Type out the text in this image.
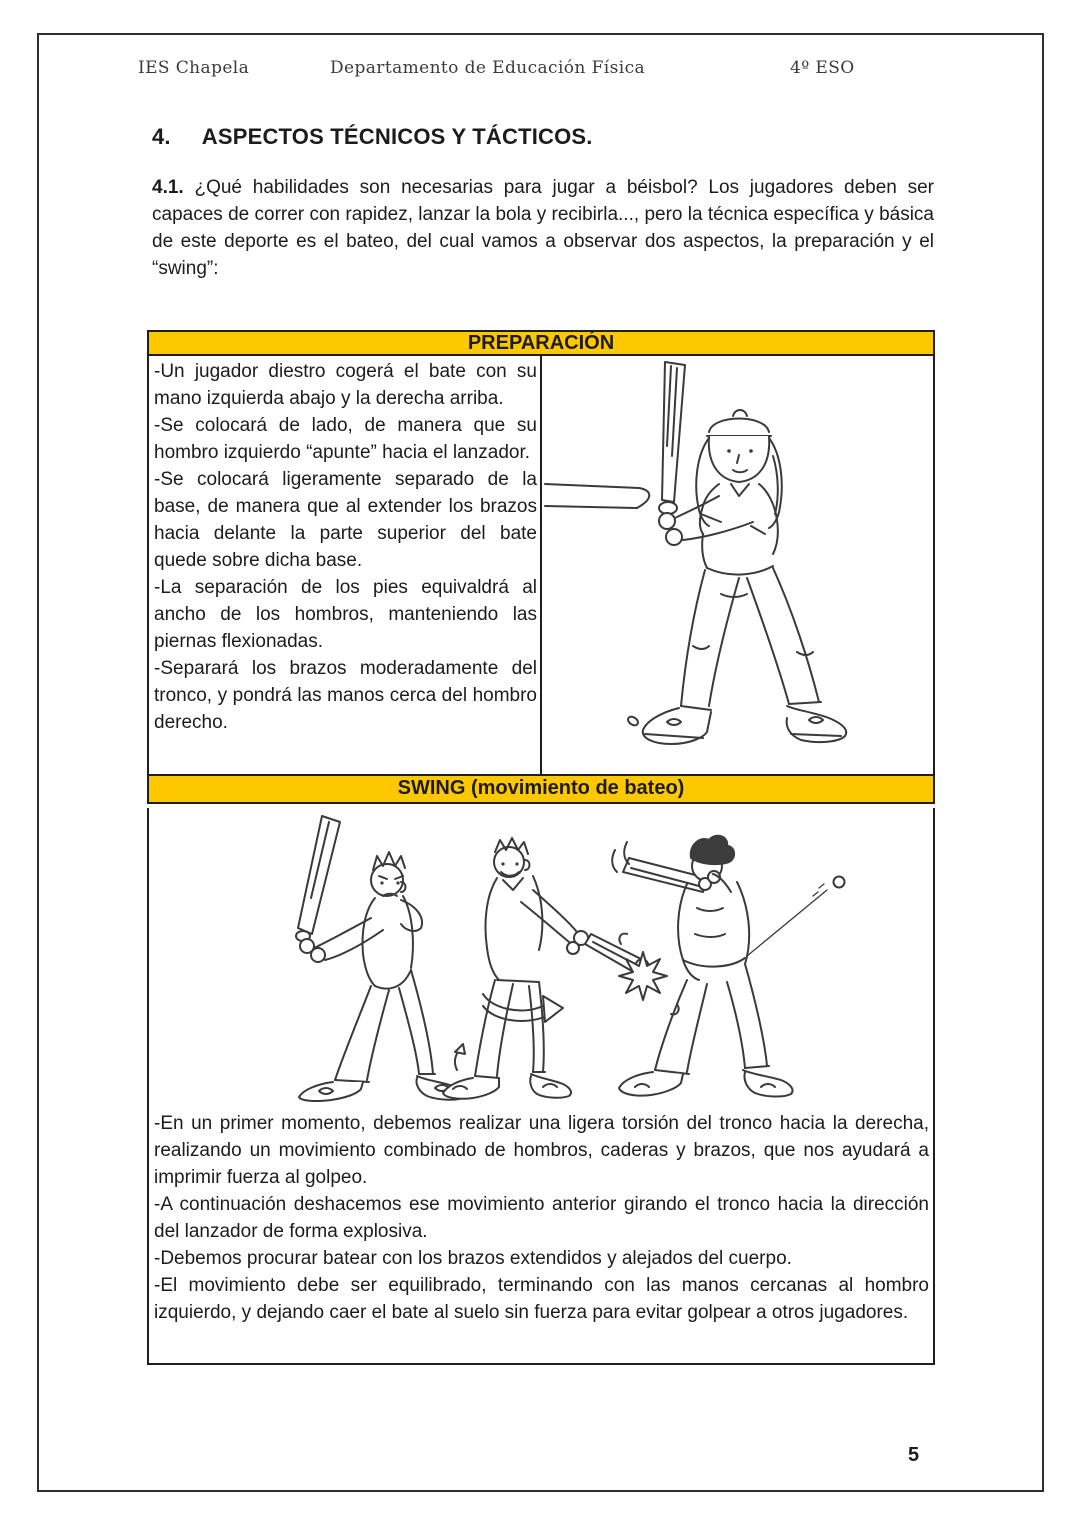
IES Chapela	Departamento de Educación Física	4º ESO
4. ASPECTOS TÉCNICOS Y TÁCTICOS.
4.1. ¿Qué habilidades son necesarias para jugar a béisbol? Los jugadores deben ser capaces de correr con rapidez, lanzar la bola y recibirla..., pero la técnica específica y básica de este deporte es el bateo, del cual vamos a observar dos aspectos, la preparación y el “swing”:
PREPARACIÓN
-Un jugador diestro cogerá el bate con su mano izquierda abajo y la derecha arriba.
-Se colocará de lado, de manera que su hombro izquierdo “apunte” hacia el lanzador.
-Se colocará ligeramente separado de la base, de manera que al extender los brazos hacia delante la parte superior del bate quede sobre dicha base.
-La separación de los pies equivaldrá al ancho de los hombros, manteniendo las piernas flexionadas.
-Separará los brazos moderadamente del tronco, y pondrá las manos cerca del hombro derecho.
SWING (movimiento de bateo)
-En un primer momento, debemos realizar una ligera torsión del tronco hacia la derecha, realizando un movimiento combinado de hombros, caderas y brazos, que nos ayudará a imprimir fuerza al golpeo.
-A continuación deshacemos ese movimiento anterior girando el tronco hacia la dirección del lanzador de forma explosiva.
-Debemos procurar batear con los brazos extendidos y alejados del cuerpo.
-El movimiento debe ser equilibrado, terminando con las manos cercanas al hombro izquierdo, y dejando caer el bate al suelo sin fuerza para evitar golpear a otros jugadores.
5
